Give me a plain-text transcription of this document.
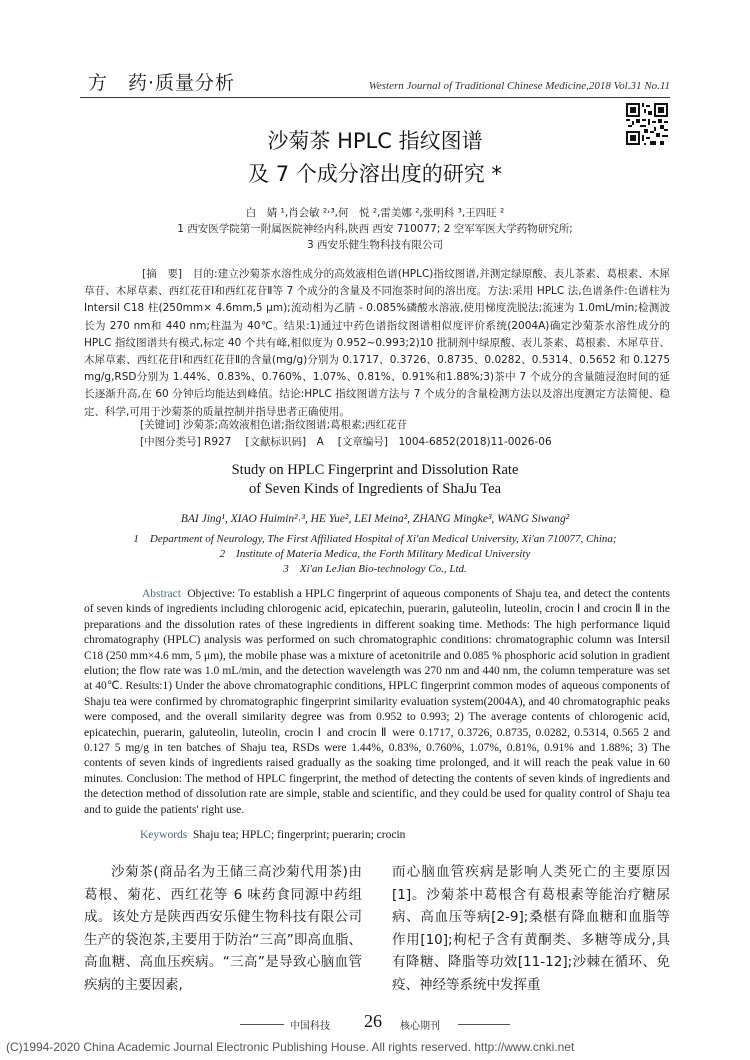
方　药·质量分析	Western Journal of Traditional Chinese Medicine,2018 Vol.31 No.11
沙菊茶 HPLC 指纹图谱
及 7 个成分溶出度的研究 *
白　婧 ¹,肖会敏 ²˒³,何　悦 ²,雷美娜 ²,张明科 ³,王四旺 ²
1 西安医学院第一附属医院神经内科,陕西 西安 710077; 2 空军军医大学药物研究所;
3 西安乐健生物科技有限公司
[摘　要]　 目的:建立沙菊茶水溶性成分的高效液相色谱(HPLC)指纹图谱,并测定绿原酸、表儿茶素、葛根素、木犀草苷、木犀草素、西红花苷Ⅰ和西红花苷Ⅱ等 7 个成分的含量及不同泡茶时间的溶出度。方法:采用 HPLC 法,色谱条件:色谱柱为 Intersil C18 柱(250mm× 4.6mm,5 μm);流动相为乙腈 - 0.085%磷酸水溶液,使用梯度洗脱法;流速为 1.0mL/min;检测波长为 270 nm和 440 nm;柱温为 40℃。结果:1)通过中药色谱指纹图谱相似度评价系统(2004A)确定沙菊茶水溶性成分的 HPLC 指纹图谱共有模式,标定 40 个共有峰,相似度为 0.952~0.993;2)10 批制剂中绿原酸、表儿茶素、葛根素、木犀草苷、木犀草素、西红花苷Ⅰ和西红花苷Ⅱ的含量(mg/g)分别为 0.1717、0.3726、0.8735、0.0282、0.5314、0.5652 和 0.1275 mg/g,RSD分别为 1.44%、0.83%、0.760%、1.07%、0.81%、0.91%和1.88%;3)茶中 7 个成分的含量随浸泡时间的延长逐渐升高,在 60 分钟后均能达到峰值。结论:HPLC 指纹图谱方法与 7 个成分的含量检测方法以及溶出度测定方法简便、稳定、科学,可用于沙菊茶的质量控制并指导患者正确使用。
[关键词] 沙菊茶;高效液相色谱;指纹图谱;葛根素;西红花苷
[中图分类号] R927 [文献标识码]　A [文章编号]　1004-6852(2018)11-0026-06
Study on HPLC Fingerprint and Dissolution Rate
of Seven Kinds of Ingredients of ShaJu Tea
BAI Jing¹, XIAO Huimin²˒³, HE Yue², LEI Meina², ZHANG Mingke³, WANG Siwang²
1　Department of Neurology, The First Affiliated Hospital of Xi'an Medical University, Xi'an 710077, China;
2　Institute of Materia Medica, the Forth Military Medical University
3　Xi'an LeJian Bio-technology Co., Ltd.
Abstract Objective: To establish a HPLC fingerprint of aqueous components of Shaju tea, and detect the contents of seven kinds of ingredients including chlorogenic acid, epicatechin, puerarin, galuteolin, luteolin, crocin Ⅰ and crocin Ⅱ in the preparations and the dissolution rates of these ingredients in different soaking time. Methods: The high performance liquid chromatography (HPLC) analysis was performed on such chromatographic conditions: chromatographic column was Intersil C18 (250 mm×4.6 mm, 5 μm), the mobile phase was a mixture of acetonitrile and 0.085 % phosphoric acid solution in gradient elution; the flow rate was 1.0 mL/min, and the detection wavelength was 270 nm and 440 nm, the column temperature was set at 40℃. Results:1) Under the above chromatographic conditions, HPLC fingerprint common modes of aqueous components of Shaju tea were confirmed by chromatographic fingerprint similarity evaluation system(2004A), and 40 chromatographic peaks were composed, and the overall similarity degree was from 0.952 to 0.993; 2) The average contents of chlorogenic acid, epicatechin, puerarin, galuteolin, luteolin, crocin Ⅰ and crocin Ⅱ were 0.1717, 0.3726, 0.8735, 0.0282, 0.5314, 0.565 2 and 0.127 5 mg/g in ten batches of Shaju tea, RSDs were 1.44%, 0.83%, 0.760%, 1.07%, 0.81%, 0.91% and 1.88%; 3) The contents of seven kinds of ingredients raised gradually as the soaking time prolonged, and it will reach the peak value in 60 minutes. Conclusion: The method of HPLC fingerprint, the method of detecting the contents of seven kinds of ingredients and the detection method of dissolution rate are simple, stable and scientific, and they could be used for quality control of Shaju tea and to guide the patients' right use.
Keywords Shaju tea; HPLC; fingerprint; puerarin; crocin
沙菊茶(商品名为王储三高沙菊代用茶)由葛根、菊花、西红花等 6 味药食同源中药组成。该处方是陕西西安乐健生物科技有限公司生产的袋泡茶,主要用于防治“三高”即高血脂、高血糖、高血压疾病。“三高”是导致心脑血管疾病的主要因素,
而心脑血管疾病是影响人类死亡的主要原因[1]。沙菊茶中葛根含有葛根素等能治疗糖尿病、高血压等病[2-9];桑椹有降血糖和血脂等作用[10];枸杞子含有黄酮类、多糖等成分,具有降糖、降脂等功效[11-12];沙棘在循环、免疫、神经等系统中发挥重
中国科技 26 核心期刊
(C)1994-2020 China Academic Journal Electronic Publishing House. All rights reserved. http://www.cnki.net
